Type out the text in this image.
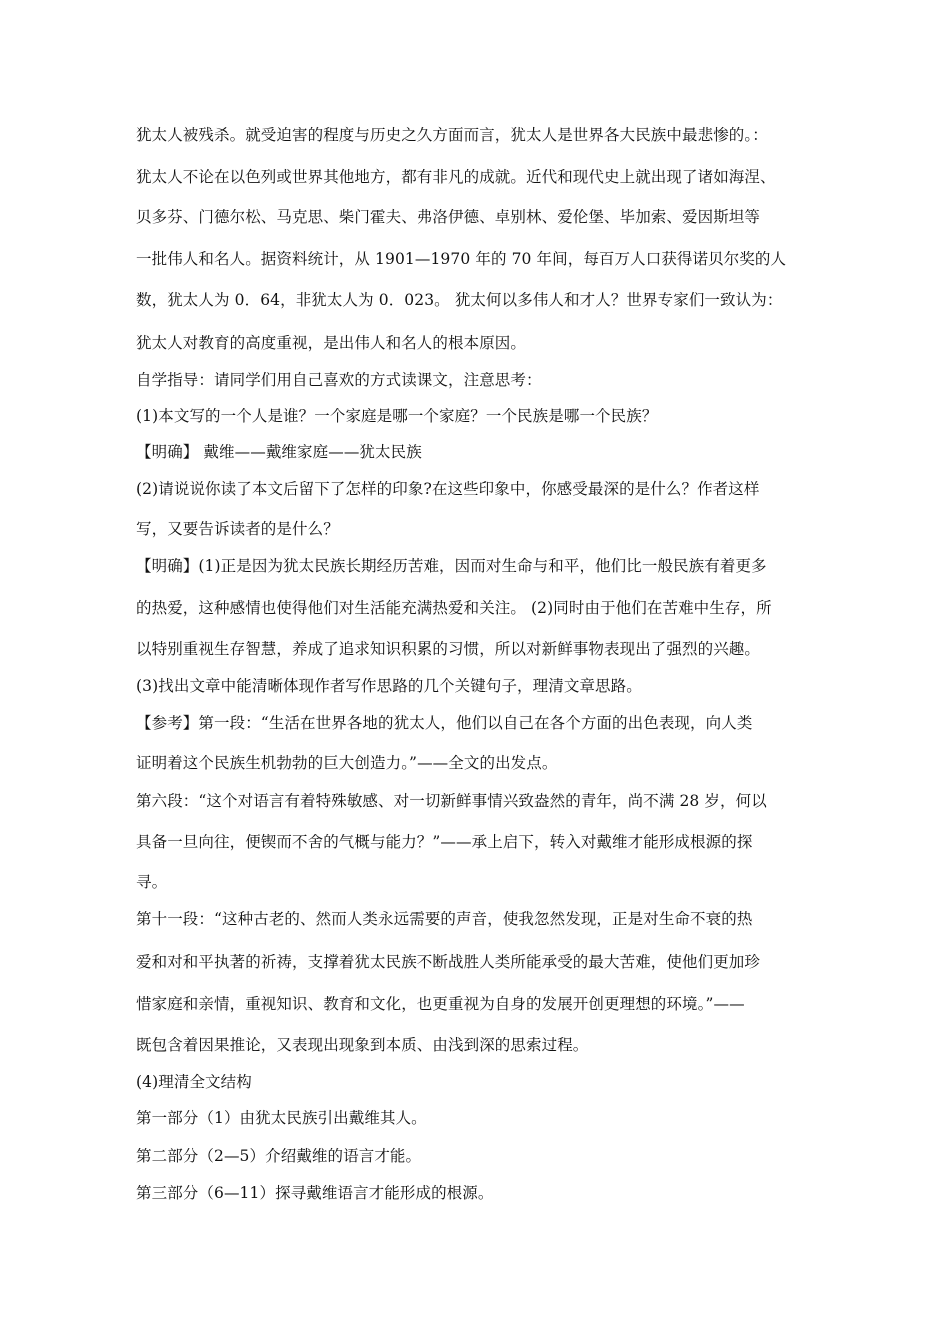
犹太人被残杀。就受迫害的程度与历史之久方面而言，犹太人是世界各大民族中最悲惨的。：
犹太人不论在以色列或世界其他地方，都有非凡的成就。近代和现代史上就出现了诸如海涅、
贝多芬、门德尔松、马克思、柴门霍夫、弗洛伊德、卓别林、爱伦堡、毕加索、爱因斯坦等
一批伟人和名人。据资料统计，从 1901—1970 年的 70 年间，每百万人口获得诺贝尔奖的人
数，犹太人为 0．64，非犹太人为 0．023。 犹太何以多伟人和才人？世界专家们一致认为：
犹太人对教育的高度重视，是出伟人和名人的根本原因。
自学指导：请同学们用自己喜欢的方式读课文，注意思考：
(1)本文写的一个人是谁？一个家庭是哪一个家庭？一个民族是哪一个民族？
【明确】 戴维——戴维家庭——犹太民族
(2)请说说你读了本文后留下了怎样的印象?在这些印象中，你感受最深的是什么？作者这样
写，又要告诉读者的是什么？
【明确】(1)正是因为犹太民族长期经历苦难，因而对生命与和平，他们比一般民族有着更多
的热爱，这种感情也使得他们对生活能充满热爱和关注。 (2)同时由于他们在苦难中生存，所
以特别重视生存智慧，养成了追求知识积累的习惯，所以对新鲜事物表现出了强烈的兴趣。
(3)找出文章中能清晰体现作者写作思路的几个关键句子，理清文章思路。
【参考】第一段：“生活在世界各地的犹太人，他们以自己在各个方面的出色表现，向人类
证明着这个民族生机勃勃的巨大创造力。”——全文的出发点。
第六段：“这个对语言有着特殊敏感、对一切新鲜事情兴致盎然的青年，尚不满 28 岁，何以
具备一旦向往，便锲而不舍的气概与能力？”——承上启下，转入对戴维才能形成根源的探
寻。
第十一段：“这种古老的、然而人类永远需要的声音，使我忽然发现，正是对生命不衰的热
爱和对和平执著的祈祷，支撑着犹太民族不断战胜人类所能承受的最大苦难，使他们更加珍
惜家庭和亲情，重视知识、教育和文化，也更重视为自身的发展开创更理想的环境。”——
既包含着因果推论，又表现出现象到本质、由浅到深的思索过程。
(4)理清全文结构
第一部分（1）由犹太民族引出戴维其人。
第二部分（2—5）介绍戴维的语言才能。
第三部分（6—11）探寻戴维语言才能形成的根源。
